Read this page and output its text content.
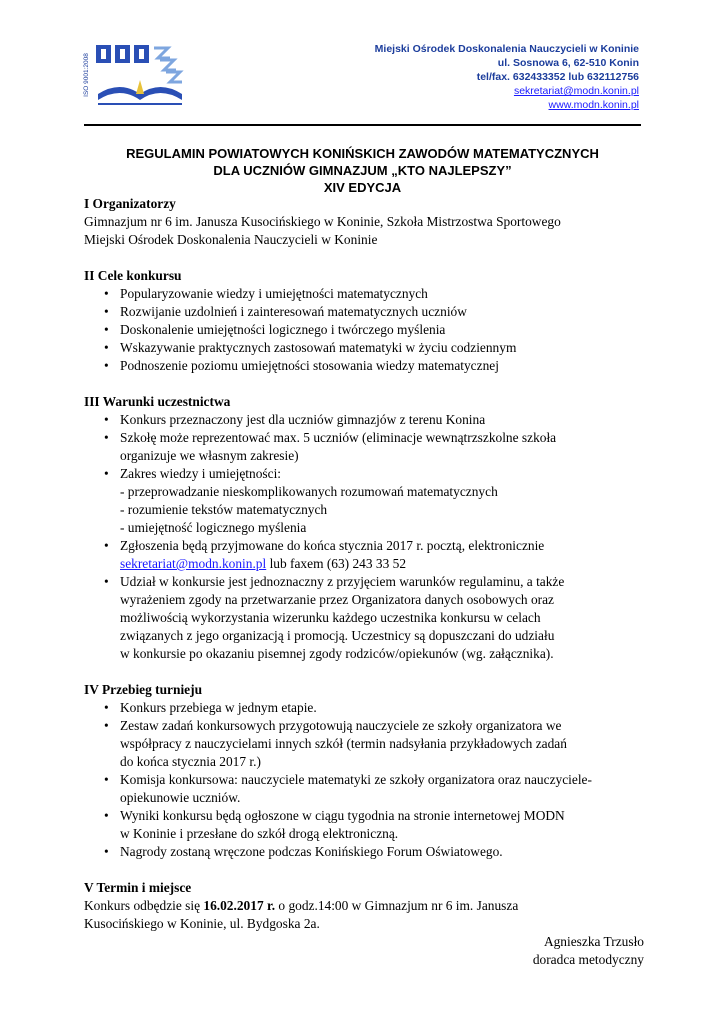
ISO 9001:2008
Miejski Ośrodek Doskonalenia Nauczycieli w Koninie
ul. Sosnowa 6, 62-510 Konin
tel/fax. 632433352 lub 632112756
sekretariat@modn.konin.pl
www.modn.konin.pl
REGULAMIN POWIATOWYCH KONIŃSKICH ZAWODÓW MATEMATYCZNYCH
DLA UCZNIÓW GIMNAZJUM „KTO NAJLEPSZY”
XIV EDYCJA
I Organizatorzy
Gimnazjum nr 6 im. Janusza Kusocińskiego w Koninie, Szkoła Mistrzostwa Sportowego
Miejski Ośrodek Doskonalenia Nauczycieli w Koninie
II Cele konkursu
• Popularyzowanie wiedzy i umiejętności matematycznych
• Rozwijanie uzdolnień i zainteresowań matematycznych uczniów
• Doskonalenie umiejętności logicznego i twórczego myślenia
• Wskazywanie praktycznych zastosowań matematyki w życiu codziennym
• Podnoszenie poziomu umiejętności stosowania wiedzy matematycznej
III Warunki uczestnictwa
• Konkurs przeznaczony jest dla uczniów gimnazjów z terenu Konina
• Szkołę może reprezentować max. 5 uczniów (eliminacje wewnątrzszkolne szkoła
organizuje we własnym zakresie)
• Zakres wiedzy i umiejętności:
- przeprowadzanie nieskomplikowanych rozumowań matematycznych
- rozumienie tekstów matematycznych
- umiejętność logicznego myślenia
• Zgłoszenia będą przyjmowane do końca stycznia 2017 r. pocztą, elektronicznie
sekretariat@modn.konin.pl lub faxem (63) 243 33 52
• Udział w konkursie jest jednoznaczny z przyjęciem warunków regulaminu, a także
wyrażeniem zgody na przetwarzanie przez Organizatora danych osobowych oraz
możliwością wykorzystania wizerunku każdego uczestnika konkursu w celach
związanych z jego organizacją i promocją. Uczestnicy są dopuszczani do udziału
w konkursie po okazaniu pisemnej zgody rodziców/opiekunów (wg. załącznika).
IV Przebieg turnieju
• Konkurs przebiega w jednym etapie.
• Zestaw zadań konkursowych przygotowują nauczyciele ze szkoły organizatora we
współpracy z nauczycielami innych szkół (termin nadsyłania przykładowych zadań
do końca stycznia 2017 r.)
• Komisja konkursowa: nauczyciele matematyki ze szkoły organizatora oraz nauczyciele-
opiekunowie uczniów.
• Wyniki konkursu będą ogłoszone w ciągu tygodnia na stronie internetowej MODN
w Koninie i przesłane do szkół drogą elektroniczną.
• Nagrody zostaną wręczone podczas Konińskiego Forum Oświatowego.
V Termin i miejsce
Konkurs odbędzie się 16.02.2017 r. o godz.14:00 w Gimnazjum nr 6 im. Janusza
Kusocińskiego w Koninie, ul. Bydgoska 2a.
Agnieszka Trzusło
doradca metodyczny
